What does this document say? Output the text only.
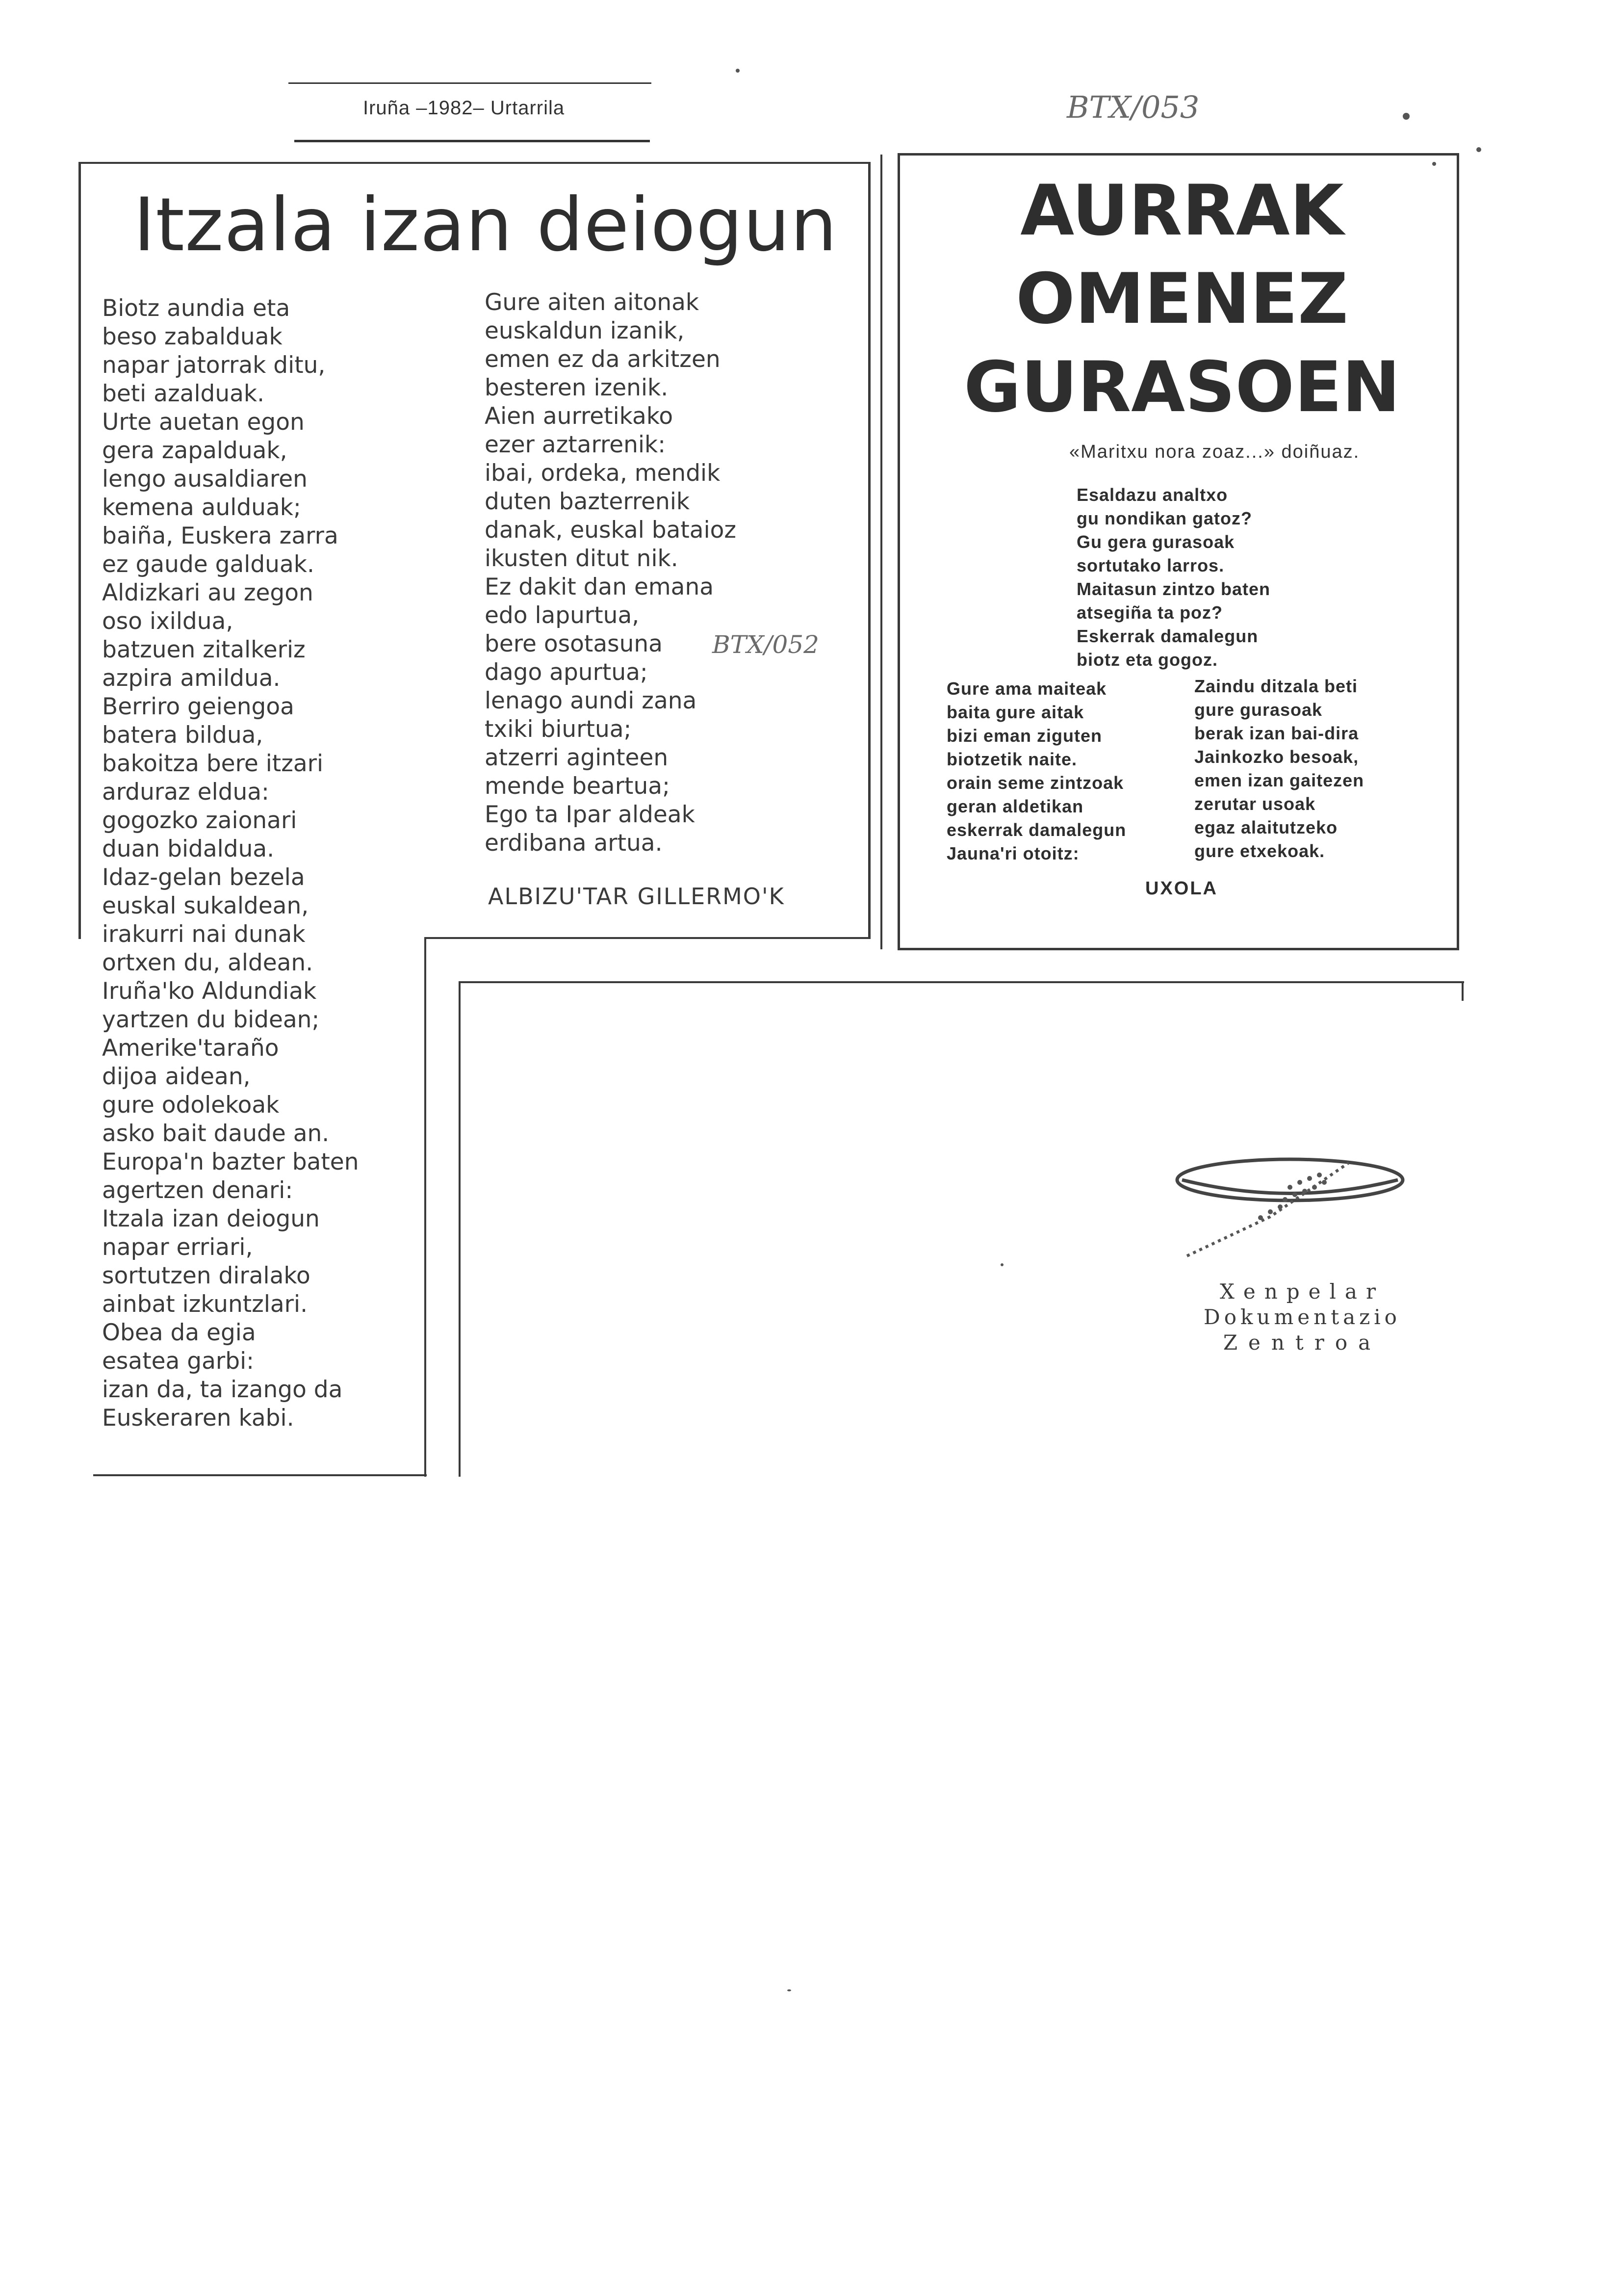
Iruña –1982– Urtarrila	BTX/053
BTX/052
Itzala izan deiogun
Biotz aundia eta
beso zabalduak
napar jatorrak ditu,
beti azalduak.
Urte auetan egon
gera zapalduak,
lengo ausaldiaren
kemena aulduak;
baiña, Euskera zarra
ez gaude galduak.
Aldizkari au zegon
oso ixildua,
batzuen zitalkeriz
azpira amildua.
Berriro geiengoa
batera bildua,
bakoitza bere itzari
arduraz eldua:
gogozko zaionari
duan bidaldua.
Idaz-gelan bezela
euskal sukaldean,
irakurri nai dunak
ortxen du, aldean.
Iruña'ko Aldundiak
yartzen du bidean;
Amerike'taraño
dijoa aidean,
gure odolekoak
asko bait daude an.
Europa'n bazter baten
agertzen denari:
Itzala izan deiogun
napar erriari,
sortutzen diralako
ainbat izkuntzlari.
Obea da egia
esatea garbi:
izan da, ta izango da
Euskeraren kabi.
Gure aiten aitonak
euskaldun izanik,
emen ez da arkitzen
besteren izenik.
Aien aurretikako
ezer aztarrenik:
ibai, ordeka, mendik
duten bazterrenik
danak, euskal bataioz
ikusten ditut nik.
Ez dakit dan emana
edo lapurtua,
bere osotasuna
dago apurtua;
lenago aundi zana
txiki biurtua;
atzerri aginteen
mende beartua;
Ego ta Ipar aldeak
erdibana artua.
ALBIZU'TAR GILLERMO'K
AURRAK
OMENEZ
GURASOEN
«Maritxu nora zoaz...» doiñuaz.
Esaldazu analtxo
gu nondikan gatoz?
Gu gera gurasoak
sortutako larros.
Maitasun zintzo baten
atsegiña ta poz?
Eskerrak damalegun
biotz eta gogoz.
Gure ama maiteak
baita gure aitak
bizi eman ziguten
biotzetik naite.
orain seme zintzoak
geran aldetikan
eskerrak damalegun
Jauna'ri otoitz:
Zaindu ditzala beti
gure gurasoak
berak izan bai-dira
Jainkozko besoak,
emen izan gaitezen
zerutar usoak
egaz alaitutzeko
gure etxekoak.
UXOLA
Xenpelar
Dokumentazio
Zentroa
